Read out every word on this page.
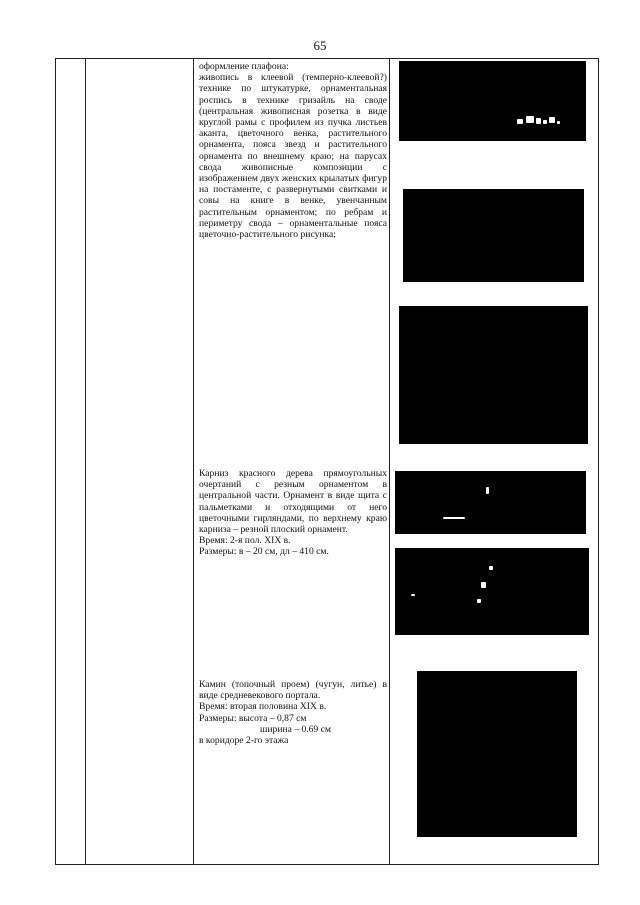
65

оформление плафона:

живопись в клеевой (темперно-клеевой?) технике по штукатурке, орнаментальная роспись в технике гризайль на своде (центральная живописная розетка в виде круглой рамы с профилем из пучка листьев аканта, цветочного венка, растительного орнамента, пояса звезд и растительного орнамента по внешнему краю; на парусах свода живописные композиции с изображением двух женских крылатых фигур на постаменте, с развернутыми свитками и совы на книге в венке, увенчанным растительным орнаментом; по ребрам и периметру свода – орнаментальные пояса цветочно-растительного рисунка;

Карниз красного дерева прямоугольных очертаний с резным орнаментом в центральной части. Орнамент в виде щита с пальметками и отходящими от него цветочными гирляндами, по верхнему краю карниза – резной плоский орнамент.

Время: 2-я пол. XIX в.

Размеры: в – 20 см, дл – 410 см.

Камин (топочный проем) (чугун, литье) в виде средневекового портала.

Время: вторая половина XIX в.

Размеры: высота – 0,87 см

ширина – 0.69 см

в коридоре 2-го этажа
